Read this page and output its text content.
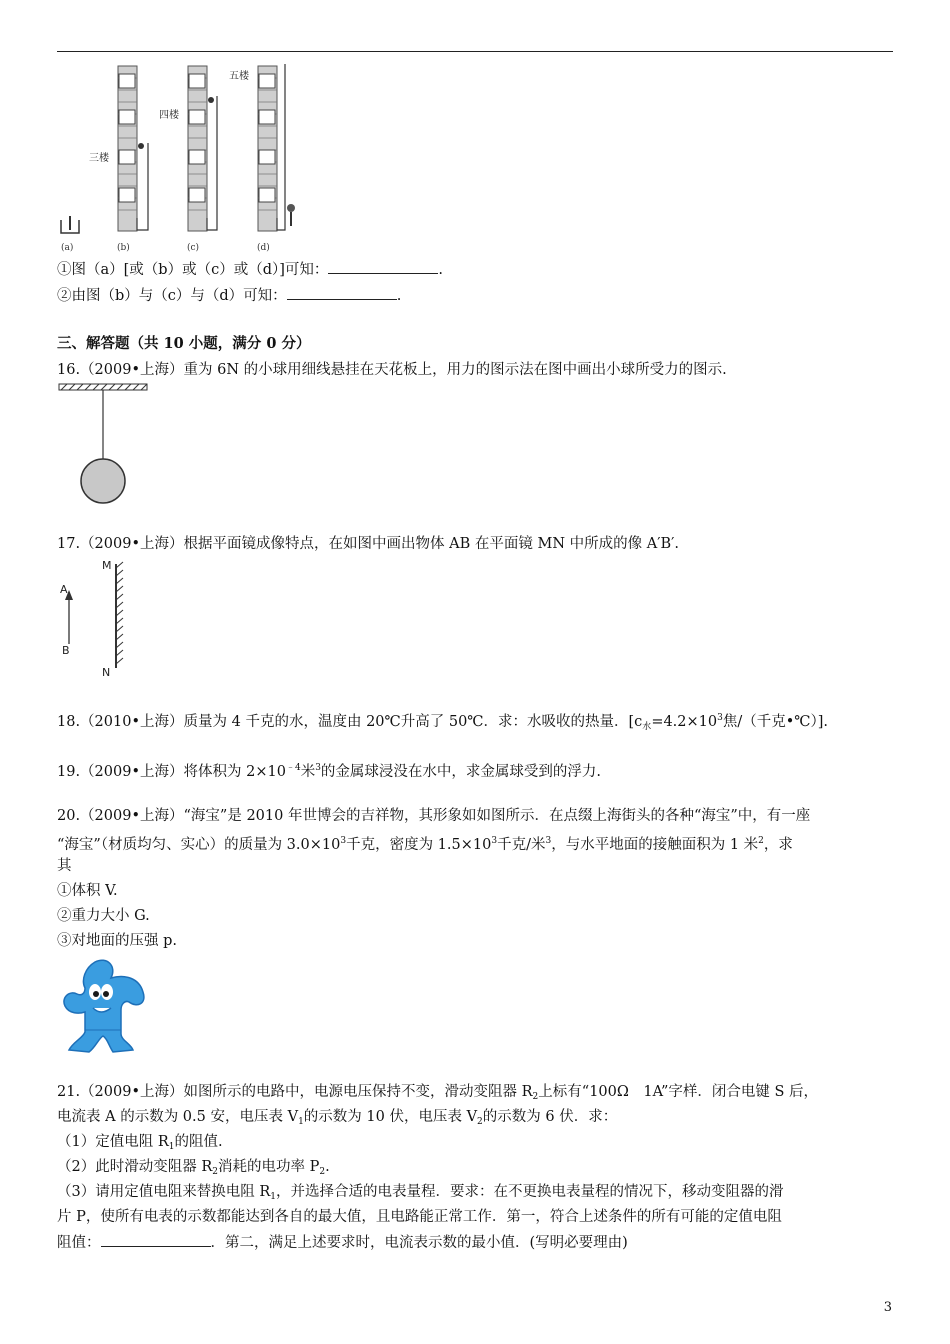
五楼
四楼
三楼
(a)	(b)	(c)	(d)
①图（a）[或（b）或（c）或（d）]可知：	.
②由图（b）与（c）与（d）可知：	.
三、解答题（共 10 小题，满分 0 分）
16.（2009•上海）重为 6N 的小球用细线悬挂在天花板上，用力的图示法在图中画出小球所受力的图示.
17.（2009•上海）根据平面镜成像特点，在如图中画出物体 AB 在平面镜 MN 中所成的像 A′B′.
A
B
M
N
18.（2010•上海）质量为 4 千克的水，温度由 20℃升高了 50℃．求：水吸收的热量．[$c_水=4.2\times 10^3$焦/（千克•℃）].
19.（2009•上海）将体积为 $2\times 10^{﹣4}$米$^3$的金属球浸没在水中，求金属球受到的浮力.
20.（2009•上海）“海宝”是 2010 年世博会的吉祥物，其形象如如图所示．在点缀上海街头的各种“海宝”中，有一座
“海宝”（材质均匀、实心）的质量为 $3.0\times 10^3$千克，密度为 $1.5\times 10^3$千克/米$^3$，与水平地面的接触面积为 1 米$^2$，求
其
①体积 V.
②重力大小 G.
③对地面的压强 p.
21.（2009•上海）如图所示的电路中，电源电压保持不变，滑动变阻器 $R_2$上标有“100Ω　1A”字样．闭合电键 S 后，
电流表 A 的示数为 0.5 安，电压表 $V_1$的示数为 10 伏，电压表 $V_2$的示数为 6 伏．求：
（1）定值电阻 $R_1$的阻值.
（2）此时滑动变阻器 $R_2$消耗的电功率 $P_2$.
（3）请用定值电阻来替换电阻 $R_1$，并选择合适的电表量程．要求：在不更换电表量程的情况下，移动变阻器的滑
片 P，使所有电表的示数都能达到各自的最大值，且电路能正常工作．第一，符合上述条件的所有可能的定值电阻
阻值：	．第二，满足上述要求时，电流表示数的最小值．(写明必要理由)
3
